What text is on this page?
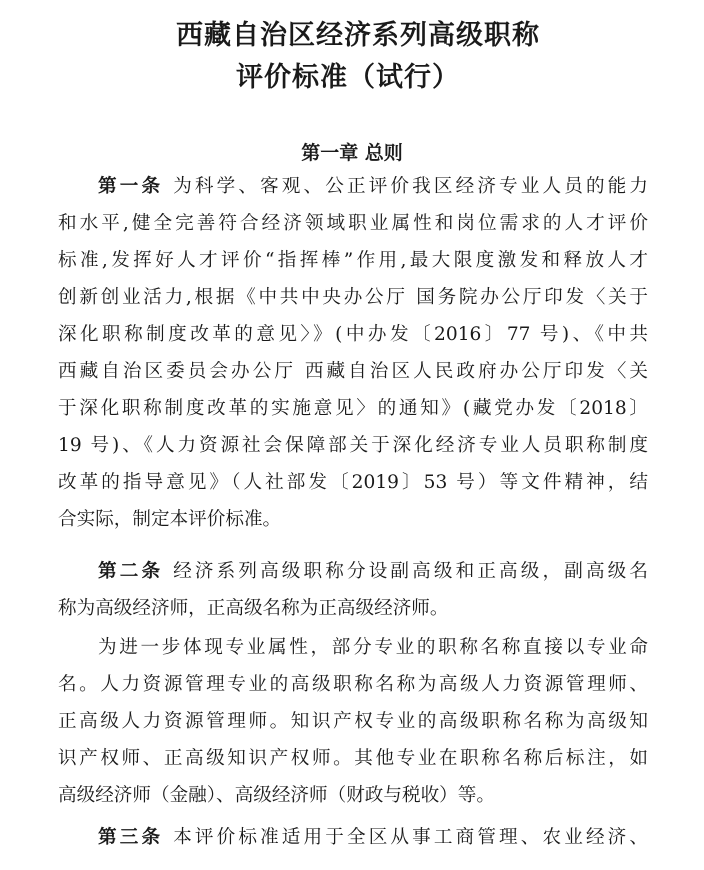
西藏自治区经济系列高级职称
评价标准（试行）
第一章 总则
第一条 为科学、客观、公正评价我区经济专业人员的能力
和水平,健全完善符合经济领域职业属性和岗位需求的人才评价
标准,发挥好人才评价“指挥棒”作用,最大限度激发和释放人才
创新创业活力,根据《中共中央办公厅 国务院办公厅印发〈关于
深化职称制度改革的意见〉》(中办发〔2016〕77 号)、《中共
西藏自治区委员会办公厅 西藏自治区人民政府办公厅印发〈关
于深化职称制度改革的实施意见〉的通知》(藏党办发〔2018〕
19 号)、《人力资源社会保障部关于深化经济专业人员职称制度
改革的指导意见》（人社部发〔2019〕53 号）等文件精神，结
合实际，制定本评价标准。
第二条 经济系列高级职称分设副高级和正高级，副高级名
称为高级经济师，正高级名称为正高级经济师。
为进一步体现专业属性，部分专业的职称名称直接以专业命
名。人力资源管理专业的高级职称名称为高级人力资源管理师、
正高级人力资源管理师。知识产权专业的高级职称名称为高级知
识产权师、正高级知识产权师。其他专业在职称名称后标注，如
高级经济师（金融）、高级经济师（财政与税收）等。
第三条 本评价标准适用于全区从事工商管理、农业经济、
